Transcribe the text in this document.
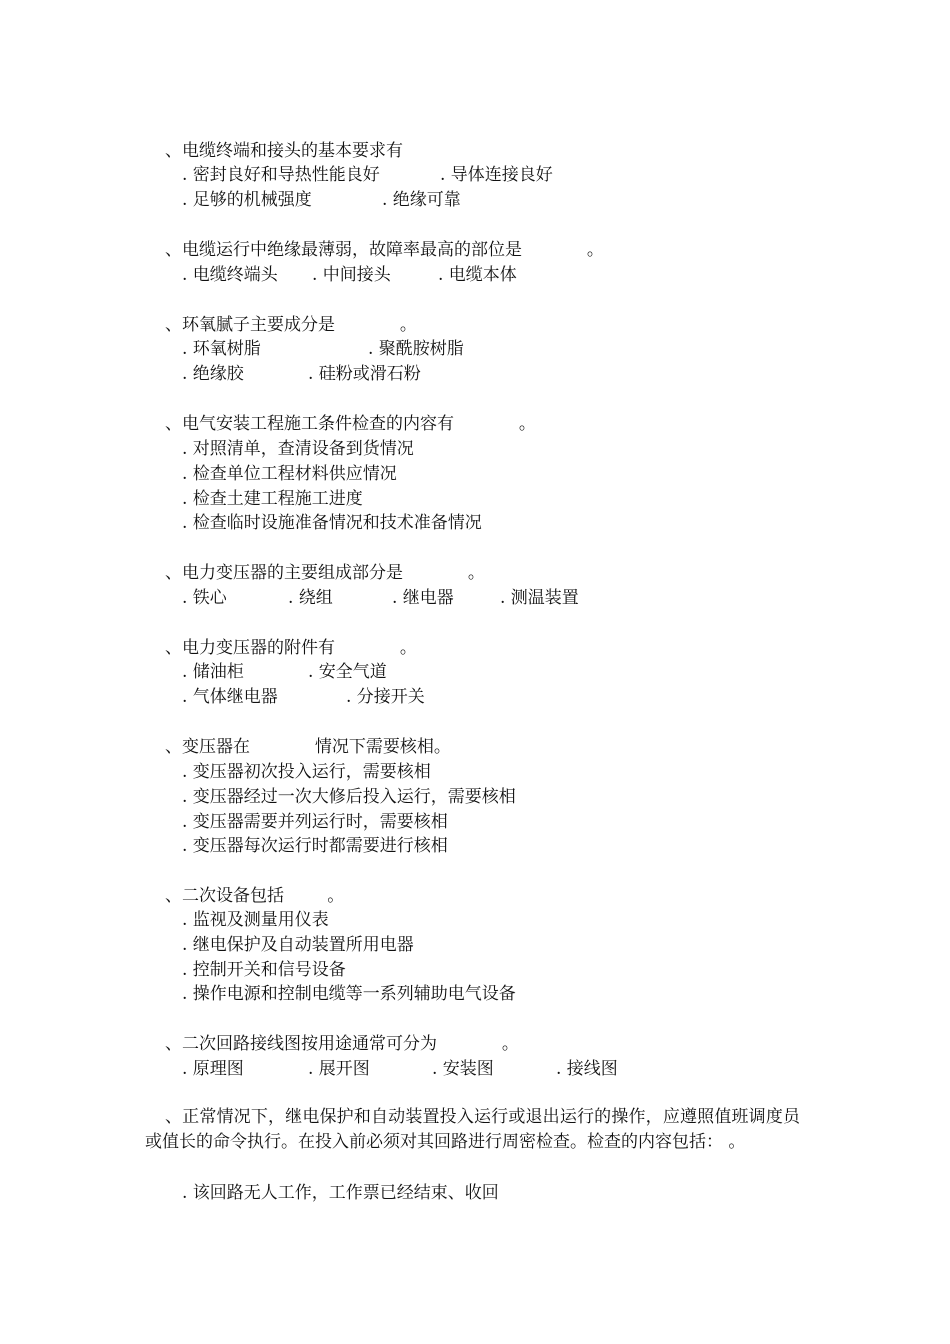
、电缆终端和接头的基本要求有

. 密封良好和导热性能良好

	. 导体连接良好

. 足够的机械强度

	. 绝缘可靠

、电缆运行中绝缘最薄弱，故障率最高的部位是            。

. 电缆终端头

. 中间接头

	. 电缆本体

、环氧腻子主要成分是            。

. 环氧树脂

	. 聚酰胺树脂

. 绝缘胶

	. 硅粉或滑石粉

、电气安装工程施工条件检查的内容有            。
. 对照清单，查清设备到货情况
. 检查单位工程材料供应情况
. 检查土建工程施工进度
. 检查临时设施准备情况和技术准备情况
、电力变压器的主要组成部分是            。

. 铁心

	. 绕组

	. 继电器

	. 测温装置

、电力变压器的附件有            。

. 储油柜

	. 安全气道

. 气体继电器

	. 分接开关

、变压器在            情况下需要核相。
. 变压器初次投入运行，需要核相
. 变压器经过一次大修后投入运行，需要核相
. 变压器需要并列运行时，需要核相
. 变压器每次运行时都需要进行核相
、二次设备包括        。
. 监视及测量用仪表
. 继电保护及自动装置所用电器
. 控制开关和信号设备
. 操作电源和控制电缆等一系列辅助电气设备
、二次回路接线图按用途通常可分为            。

. 原理图

	. 展开图

	. 安装图

	. 接线图

、正常情况下，继电保护和自动装置投入运行或退出运行的操作，应遵照值班调度员或值长的命令执行。在投入前必须对其回路进行周密检查。检查的内容包括： 。
. 该回路无人工作，工作票已经结束、收回
